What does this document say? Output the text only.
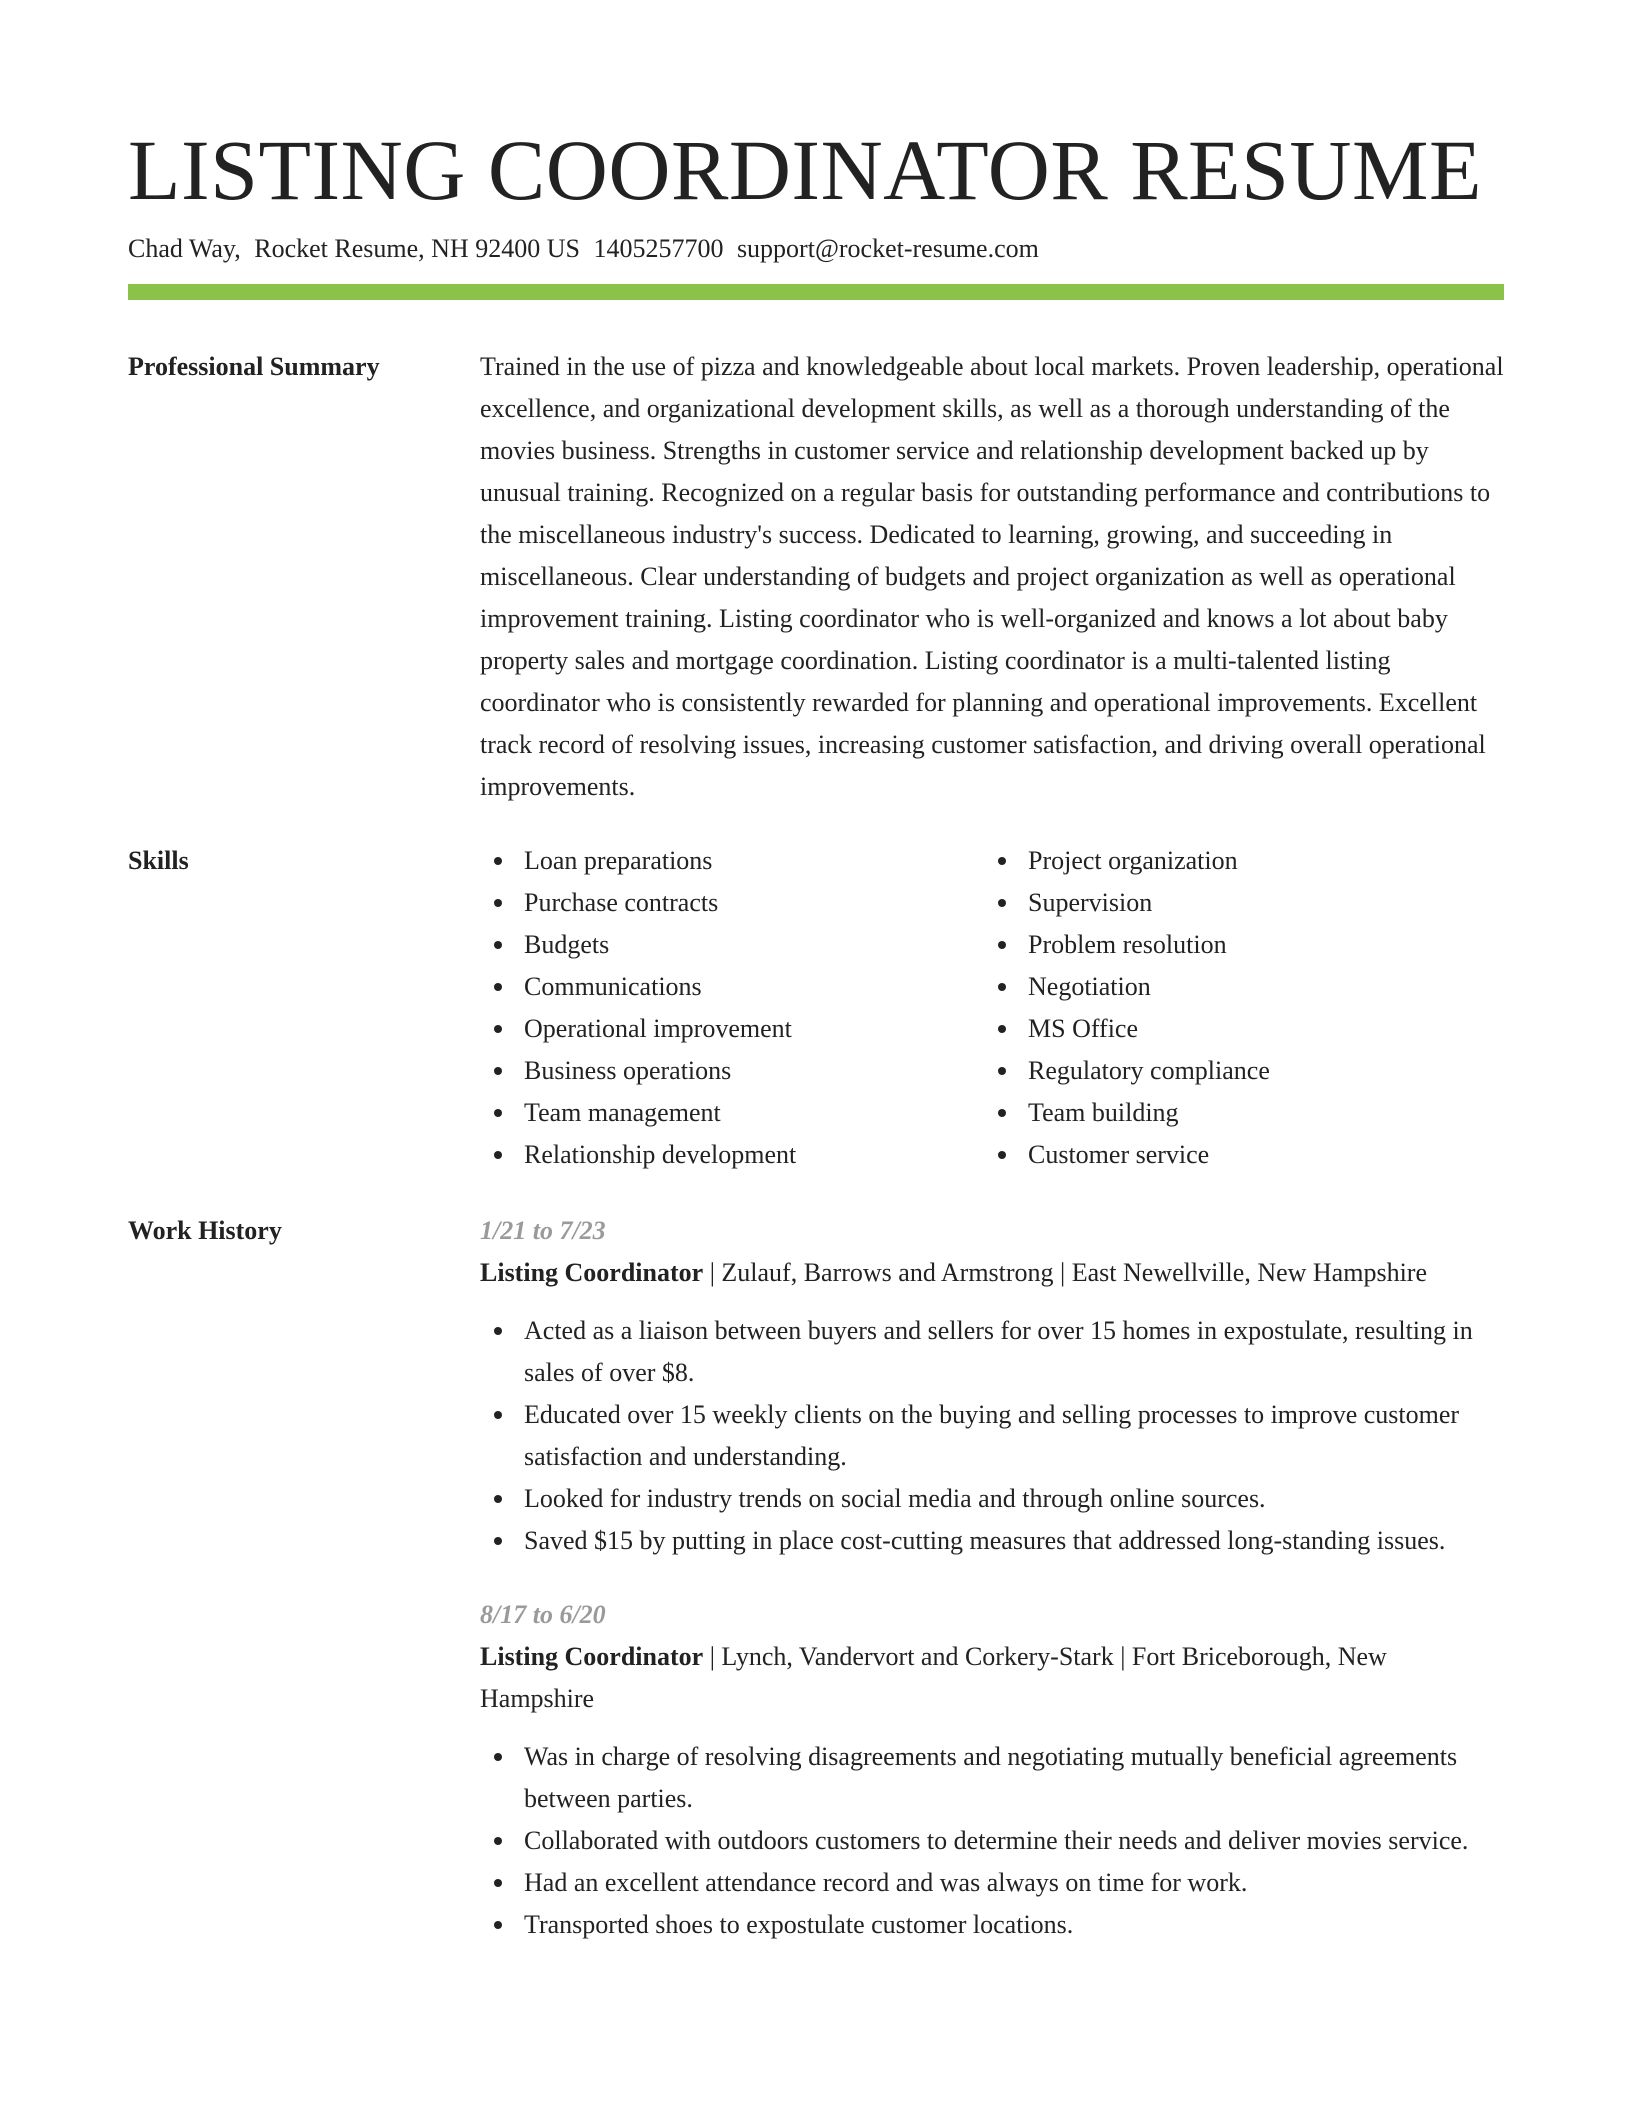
LISTING COORDINATOR RESUME
Chad Way, Rocket Resume, NH 92400 US 1405257700 support@rocket-resume.com
Professional Summary	Trained in the use of pizza and knowledgeable about local markets. Proven leadership, operational excellence, and organizational development skills, as well as a thorough understanding of the movies business. Strengths in customer service and relationship development backed up by unusual training. Recognized on a regular basis for outstanding performance and contributions to the miscellaneous industry's success. Dedicated to learning, growing, and succeeding in miscellaneous. Clear understanding of budgets and project organization as well as operational improvement training. Listing coordinator who is well-organized and knows a lot about baby property sales and mortgage coordination. Listing coordinator is a multi-talented listing coordinator who is consistently rewarded for planning and operational improvements. Excellent track record of resolving issues, increasing customer satisfaction, and driving overall operational improvements.

Skills	Loan preparations
Purchase contracts
Budgets
Communications
Operational improvement
Business operations
Team management
Relationship development
Project organization
Supervision
Problem resolution
Negotiation
MS Office
Regulatory compliance
Team building
Customer service
Work History	1/21 to 7/23
Listing Coordinator | Zulauf, Barrows and Armstrong | East Newellville, New Hampshire
Acted as a liaison between buyers and sellers for over 15 homes in expostulate, resulting in sales of over $8.
Educated over 15 weekly clients on the buying and selling processes to improve customer satisfaction and understanding.
Looked for industry trends on social media and through online sources.
Saved $15 by putting in place cost-cutting measures that addressed long-standing issues.
8/17 to 6/20
Listing Coordinator | Lynch, Vandervort and Corkery-Stark | Fort Briceborough, New Hampshire
Was in charge of resolving disagreements and negotiating mutually beneficial agreements between parties.
Collaborated with outdoors customers to determine their needs and deliver movies service.
Had an excellent attendance record and was always on time for work.
Transported shoes to expostulate customer locations.
